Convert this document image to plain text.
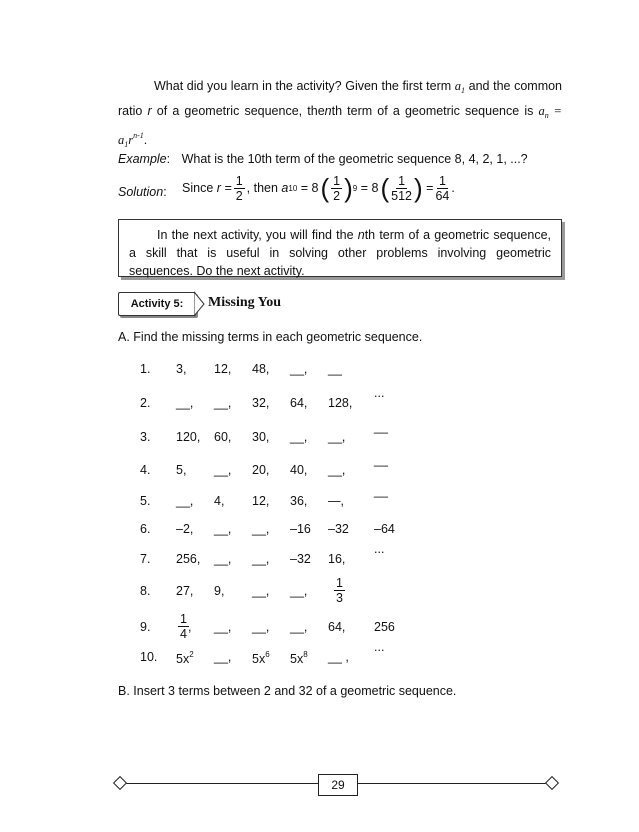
What did you learn in the activity? Given the first term $a_1$ and the common ratio r of a geometric sequence, thenth term of a geometric sequence is $a_n = a_1r^{n-1}$.
Example: What is the 10th term of the geometric sequence 8, 4, 2, 1, ...?
Solution: Since
$r = \frac{1}{2}$ , then
a 10
= 8 ( $\frac{1}{2}$ ) 9
= 8 ( $\frac{1}{512}$ )
= $\frac{1}{64}$ .

In the next activity, you will find the nth term of a geometric sequence, a skill that is useful in solving other problems involving geometric sequences. Do the next activity.

Activity 5: Missing You
A. Find the missing terms in each geometric sequence.
1. 3, 12, 48, __, __
2. __, __, 32, 64, 128,
...
3. 120, 60, 30, __, __,
__
4. 5, __, 20, 40, __,
__
5. __, 4, 12, 36, —,
__
6. –2, __, __, –16 –32 –64
7. 256, __, __, –32 16,
...
8. 27, 9, __, __, $\frac{1}{3}$
9.	__, __, __, 64, 256
$\frac{1}{4}$ ,
10. $5x^2$ __, $5x^6$ $5x^8$ __ ,
...
B. Insert 3 terms between 2 and 32 of a geometric sequence.
29
